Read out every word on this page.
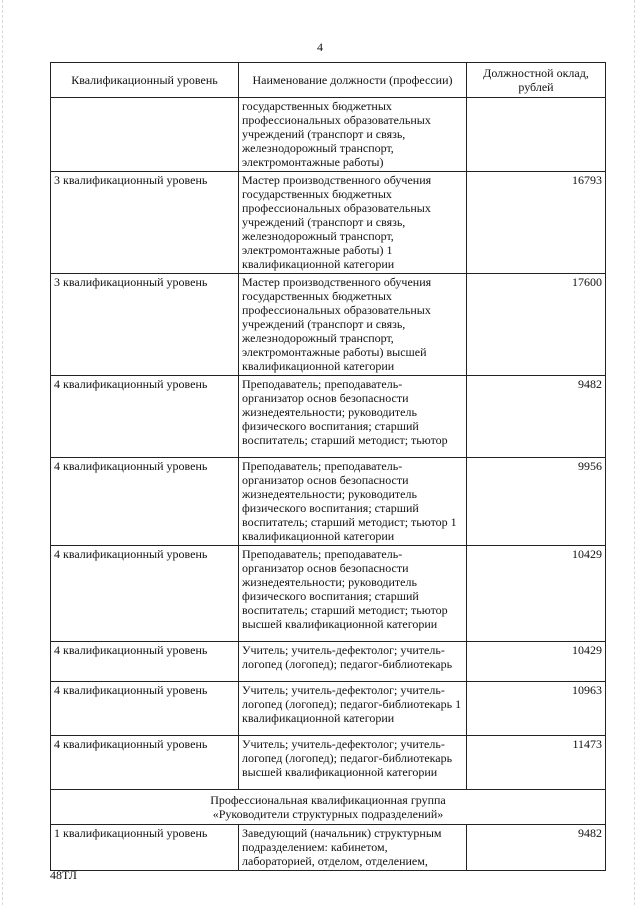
4
Квалификационный уровень	Наименование должности (профессии)	Должностной оклад, рублей
	государственных бюджетных профессиональных образовательных учреждений (транспорт и связь, железнодорожный транспорт, электромонтажные работы)	
3 квалификационный уровень	Мастер производственного обучения государственных бюджетных профессиональных образовательных учреждений (транспорт и связь, железнодорожный транспорт, электромонтажные работы) 1 квалификационной категории	16793
3 квалификационный уровень	Мастер производственного обучения государственных бюджетных профессиональных образовательных учреждений (транспорт и связь, железнодорожный транспорт, электромонтажные работы) высшей квалификационной категории	17600
4 квалификационный уровень	Преподаватель; преподаватель-организатор основ безопасности жизнедеятельности; руководитель физического воспитания; старший воспитатель; старший методист; тьютор	9482
4 квалификационный уровень	Преподаватель; преподаватель-организатор основ безопасности жизнедеятельности; руководитель физического воспитания; старший воспитатель; старший методист; тьютор 1 квалификационной категории	9956
4 квалификационный уровень	Преподаватель; преподаватель-организатор основ безопасности жизнедеятельности; руководитель физического воспитания; старший воспитатель; старший методист; тьютор высшей квалификационной категории	10429
4 квалификационный уровень	Учитель; учитель-дефектолог; учитель-логопед (логопед); педагог-библиотекарь	10429
4 квалификационный уровень	Учитель; учитель-дефектолог; учитель-логопед (логопед); педагог-библиотекарь 1 квалификационной категории	10963
4 квалификационный уровень	Учитель; учитель-дефектолог; учитель-логопед (логопед); педагог-библиотекарь высшей квалификационной категории	11473

Профессиональная квалификационная группа
«Руководители структурных подразделений»		

1 квалификационный уровень	Заведующий (начальник) структурным подразделением: кабинетом, лабораторией, отделом, отделением,	9482
48ТЛ
